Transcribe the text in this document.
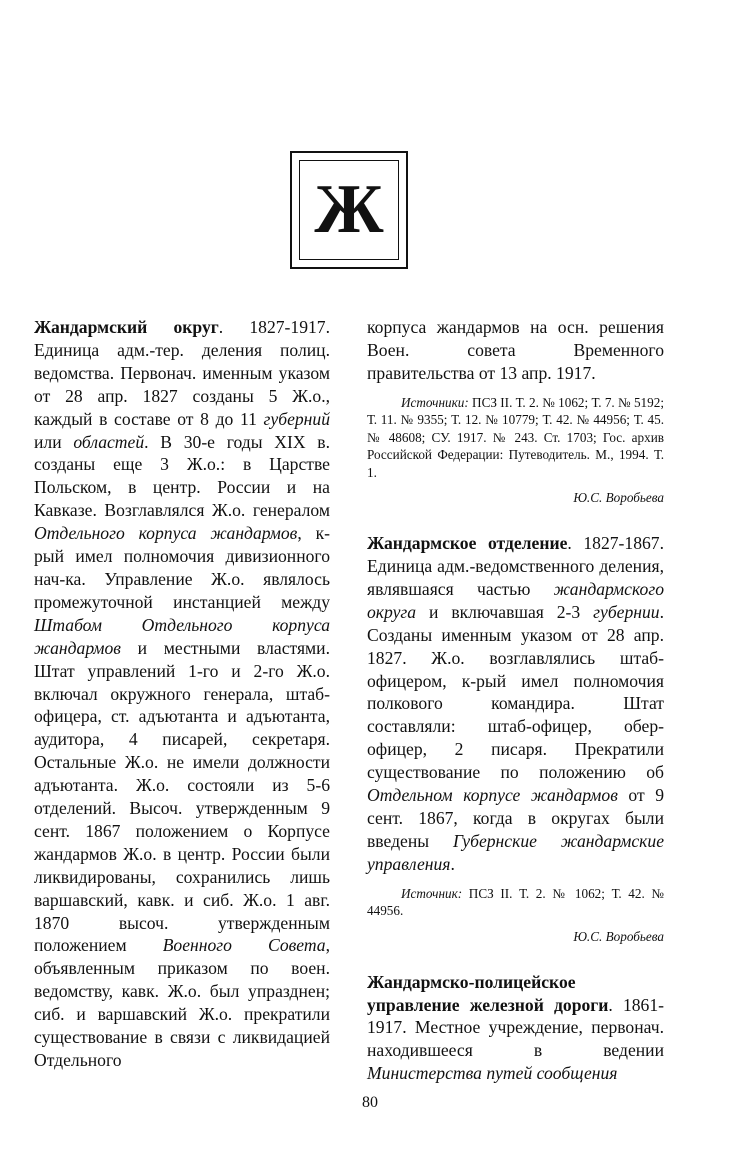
Ж

Жандармский округ. 1827-1917. Единица адм.-тер. деления полиц. ведомства. Первонач. именным указом от 28 апр. 1827 созданы 5 Ж.о., каждый в составе от 8 до 11 губерний или областей. В 30-е годы XIX в. созданы еще 3 Ж.о.: в Царстве Польском, в центр. России и на Кавказе. Возглавлялся Ж.о. генералом Отдельного корпуса жандармов, к-рый имел полномочия дивизионного нач-ка. Управление Ж.о. являлось промежуточной инстанцией между Штабом Отдельного корпуса жандармов и местными властями. Штат управлений 1-го и 2-го Ж.о. включал окружного генерала, штаб-офицера, ст. адъютанта и адъютанта, аудитора, 4 писарей, секретаря. Остальные Ж.о. не имели должности адъютанта. Ж.о. состояли из 5-6 отделений. Высоч. утвержденным 9 сент. 1867 положением о Корпусе жандармов Ж.о. в центр. России были ликвидированы, сохранились лишь варшавский, кавк. и сиб. Ж.о. 1 авг. 1870 высоч. утвержденным положением Военного Совета, объявленным приказом по воен. ведомству, кавк. Ж.о. был упразднен; сиб. и варшавский Ж.о. прекратили существование в связи с ликвидацией Отдельного

корпуса жандармов на осн. решения Воен. совета Временного правительства от 13 апр. 1917.

Источники: ПСЗ II. Т. 2. № 1062; Т. 7. № 5192; Т. 11. № 9355; Т. 12. № 10779; Т. 42. № 44956; Т. 45. № 48608; СУ. 1917. № 243. Ст. 1703; Гос. архив Российской Федерации: Путеводитель. М., 1994. Т. 1.

Ю.С. Воробьева

Жандармское отделение. 1827-1867. Единица адм.-ведомственного деления, являвшаяся частью жандармского округа и включавшая 2-3 губернии. Созданы именным указом от 28 апр. 1827. Ж.о. возглавлялись штаб-офицером, к-рый имел полномочия полкового командира. Штат составляли: штаб-офицер, обер-офицер, 2 писаря. Прекратили существование по положению об Отдельном корпусе жандармов от 9 сент. 1867, когда в округах были введены Губернские жандармские управления.

Источник: ПСЗ II. Т. 2. № 1062; Т. 42. № 44956.

Ю.С. Воробьева

Жандармско-полицейское управление железной дороги. 1861-1917. Местное учреждение, первонач. находившееся в ведении Министерства путей сообщения

80
